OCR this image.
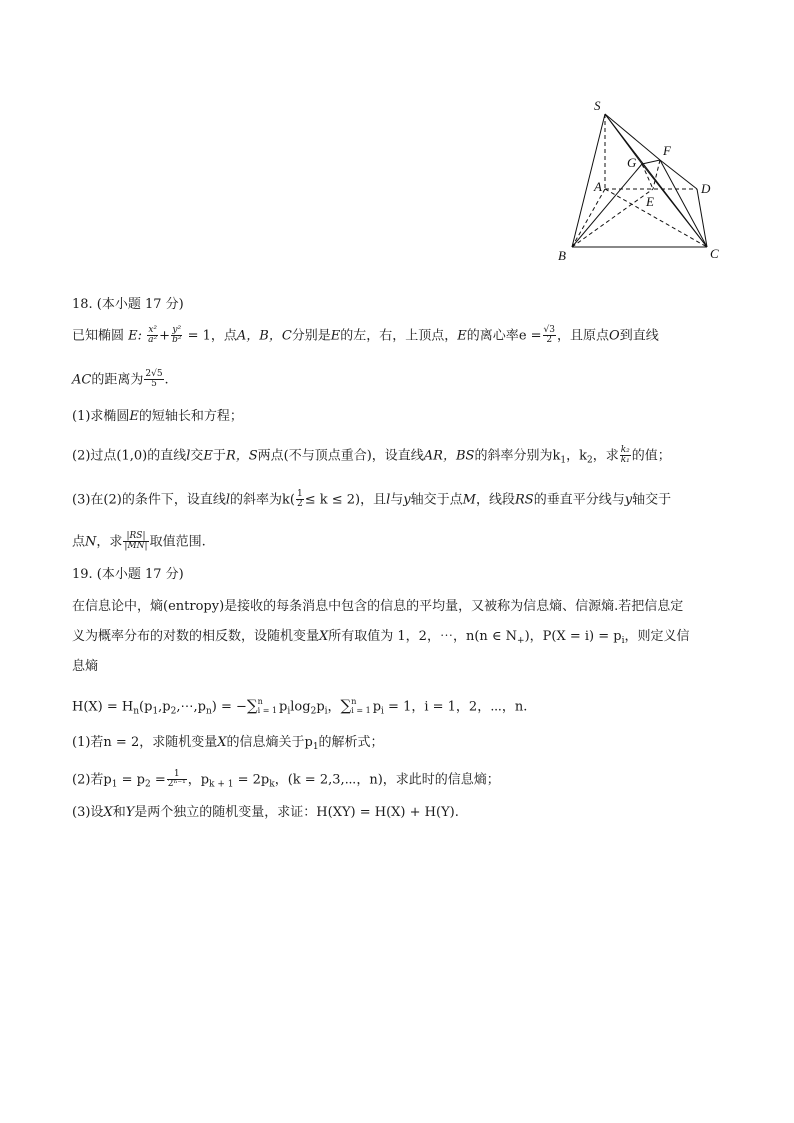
S
A
B	C
D
E
F
G
18. (本小题 17 分)
已知椭圆 E: $\frac{\text{x²}}{\text{a²}} + \frac{\text{y²}}{\text{b²}} = 1$，点A，B，C分别是E的左，右，上顶点，E的离心率$e = \frac{√3}{2}$ ，且原点O到直线
AC的距离为 $\frac{2√5}{5}$ .
(1)求椭圆E的短轴长和方程；
(2)过点(1,0)的直线l交E于R，S两点(不与顶点重合)，设直线AR，BS的斜率分别为$k_1$，$k_2$，求 $\frac{\text{k₂}}{\text{k₁}}$ 的值；
(3)在(2)的条件下，设直线l的斜率为$k( \frac{1}{2} \le k \le 2)$，且l与y轴交于点M，线段RS的垂直平分线与y轴交于
点N，求 $\frac{|RS|}{|MN|}$ 取值范围.
19. (本小题 17 分)
在信息论中，熵(entropy)是接收的每条消息中包含的信息的平均量，又被称为信息熵、信源熵.若把信息定
义为概率分布的对数的相反数，设随机变量X所有取值为 1，2，⋯，n(n ∈ $N_+$)，$P(X = i) = p_i$，则定义信
息熵
$H(X) = H_n(p_1,p_2,\cdots,p_n)$ = −∑ n
i = 1 $p_i\log_2p_i$，∑ n
i = 1 $p_i = 1$，i = 1，2，⋯，n.
(1)若n = 2，求随机变量X的信息熵关于$p_1$的解析式；
(2)若$p_1 = p_2 = \frac{1}{\text{2ⁿ⁻¹}}$ ，$p_{k + 1} = 2p_k$，(k = 2,3,⋯，n)，求此时的信息熵；
(3)设X和Y是两个独立的随机变量，求证：H(XY) = H(X) + H(Y).
